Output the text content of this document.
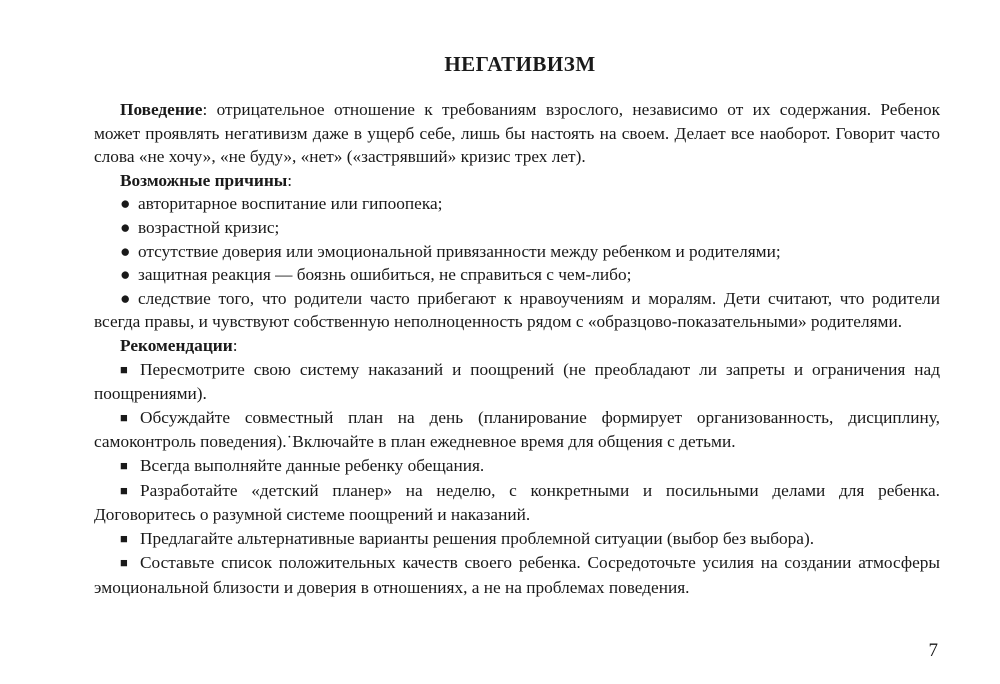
НЕГАТИВИЗМ

Поведение: отрицательное отношение к требованиям взрослого, независимо от их содержания. Ребенок может проявлять негативизм даже в ущерб себе, лишь бы настоять на своем. Делает все наоборот. Говорит часто слова «не хочу», «не буду», «нет» («застрявший» кризис трех лет).

Возможные причины:

● авторитарное воспитание или гипоопека;

● возрастной кризис;

● отсутствие доверия или эмоциональной привязанности между ребенком и родителями;

● защитная реакция — боязнь ошибиться, не справиться с чем-либо;

● следствие того, что родители часто прибегают к нравоучениям и моралям. Дети считают, что родители всегда правы, и чувствуют собственную неполноценность рядом с «образцово-показательными» родителями.

Рекомендации:

■ Пересмотрите свою систему наказаний и поощрений (не преобладают ли запреты и ограничения над поощрениями).

■ Обсуждайте совместный план на день (планирование формирует организованность, дисциплину, самоконтроль поведения).˙Включайте в план ежедневное время для общения с детьми.

■ Всегда выполняйте данные ребенку обещания.

■ Разработайте «детский планер» на неделю, с конкретными и посильными делами для ребенка. Договоритесь о разумной системе поощрений и наказаний.

■ Предлагайте альтернативные варианты решения проблемной ситуации (выбор без выбора).

■ Составьте список положительных качеств своего ребенка. Сосредоточьте усилия на создании атмосферы эмоциональной близости и доверия в отношениях, а не на проблемах поведения.

7
